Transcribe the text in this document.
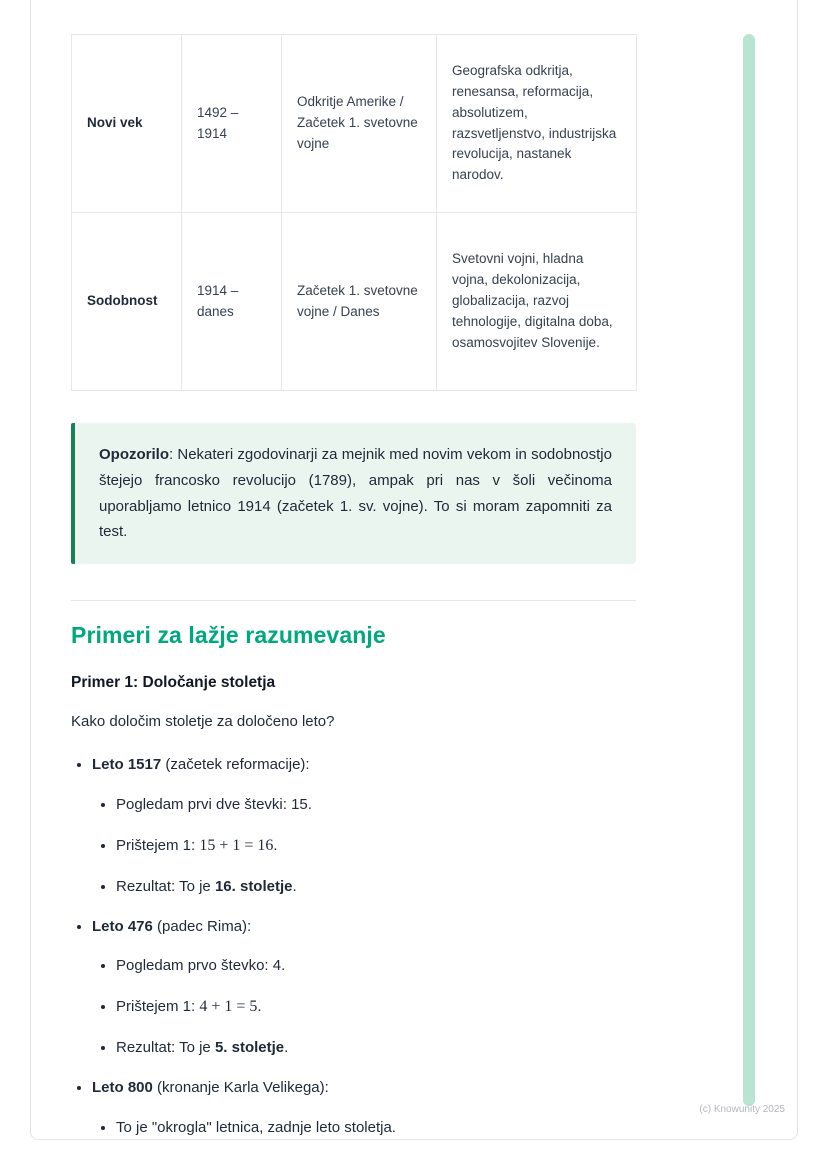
Novi vek	1492 – 1914	Odkritje Amerike / Začetek 1. svetovne vojne	Geografska odkritja, renesansa, reformacija, absolutizem, razsvetljenstvo, industrijska revolucija, nastanek narodov.
Sodobnost	1914 – danes	Začetek 1. svetovne vojne / Danes	Svetovni vojni, hladna vojna, dekolonizacija, globalizacija, razvoj tehnologije, digitalna doba, osamosvojitev Slovenije.

Opozorilo: Nekateri zgodovinarji za mejnik med novim vekom in sodobnostjo štejejo francosko revolucijo (1789), ampak pri nas v šoli večinoma uporabljamo letnico 1914 (začetek 1. sv. vojne). To si moram zapomniti za test.

Primeri za lažje razumevanje
Primer 1: Določanje stoletja

Kako določim stoletje za določeno leto?

• Leto 1517 (začetek reformacije):
• Pogledam prvi dve števki: 15.
• Prištejem 1: 15 + 1 = 16.
• Rezultat: To je 16. stoletje.
• Leto 476 (padec Rima):
• Pogledam prvo števko: 4.
• Prištejem 1: 4 + 1 = 5.
• Rezultat: To je 5. stoletje.
• Leto 800 (kronanje Karla Velikega):
• To je "okrogla" letnica, zadnje leto stoletja.
(c) Knowunity 2025
